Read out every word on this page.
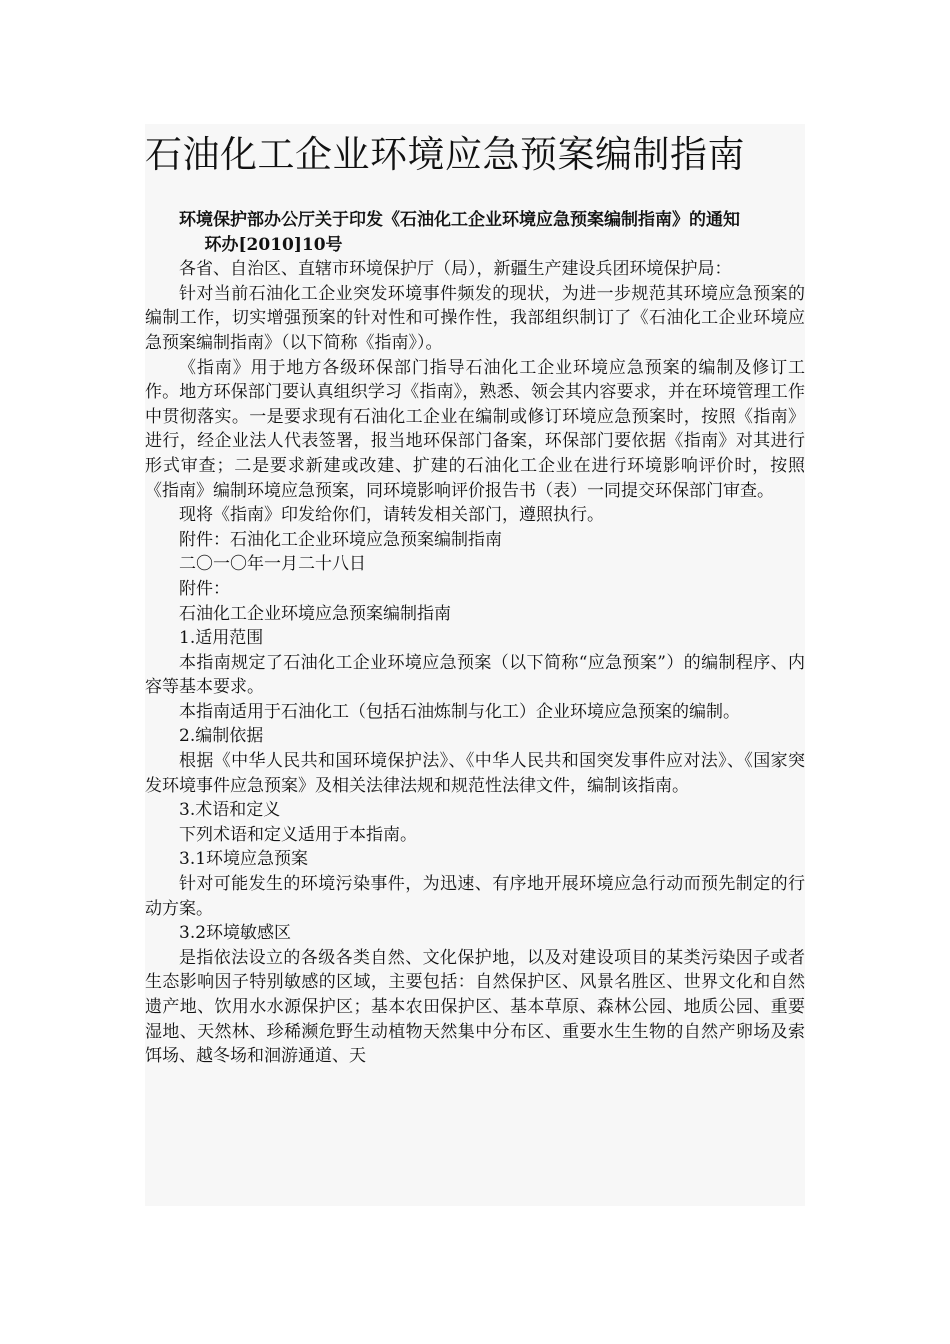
石油化工企业环境应急预案编制指南

环境保护部办公厅关于印发《石油化工企业环境应急预案编制指南》的通知

环办[2010]10号

各省、自治区、直辖市环境保护厅（局），新疆生产建设兵团环境保护局：

针对当前石油化工企业突发环境事件频发的现状，为进一步规范其环境应急预案的编制工作，切实增强预案的针对性和可操作性，我部组织制订了《石油化工企业环境应急预案编制指南》（以下简称《指南》）。

《指南》用于地方各级环保部门指导石油化工企业环境应急预案的编制及修订工作。地方环保部门要认真组织学习《指南》，熟悉、领会其内容要求，并在环境管理工作中贯彻落实。一是要求现有石油化工企业在编制或修订环境应急预案时，按照《指南》进行，经企业法人代表签署，报当地环保部门备案，环保部门要依据《指南》对其进行形式审查；二是要求新建或改建、扩建的石油化工企业在进行环境影响评价时，按照《指南》编制环境应急预案，同环境影响评价报告书（表）一同提交环保部门审查。

现将《指南》印发给你们，请转发相关部门，遵照执行。

附件：石油化工企业环境应急预案编制指南

二〇一〇年一月二十八日

附件：

石油化工企业环境应急预案编制指南

1.适用范围

本指南规定了石油化工企业环境应急预案（以下简称“应急预案”）的编制程序、内容等基本要求。

本指南适用于石油化工（包括石油炼制与化工）企业环境应急预案的编制。

2.编制依据

根据《中华人民共和国环境保护法》、《中华人民共和国突发事件应对法》、《国家突发环境事件应急预案》及相关法律法规和规范性法律文件，编制该指南。

3.术语和定义

下列术语和定义适用于本指南。

3.1环境应急预案

针对可能发生的环境污染事件，为迅速、有序地开展环境应急行动而预先制定的行动方案。

3.2环境敏感区

是指依法设立的各级各类自然、文化保护地，以及对建设项目的某类污染因子或者生态影响因子特别敏感的区域，主要包括：自然保护区、风景名胜区、世界文化和自然遗产地、饮用水水源保护区；基本农田保护区、基本草原、森林公园、地质公园、重要湿地、天然林、珍稀濒危野生动植物天然集中分布区、重要水生生物的自然产卵场及索饵场、越冬场和洄游通道、天
